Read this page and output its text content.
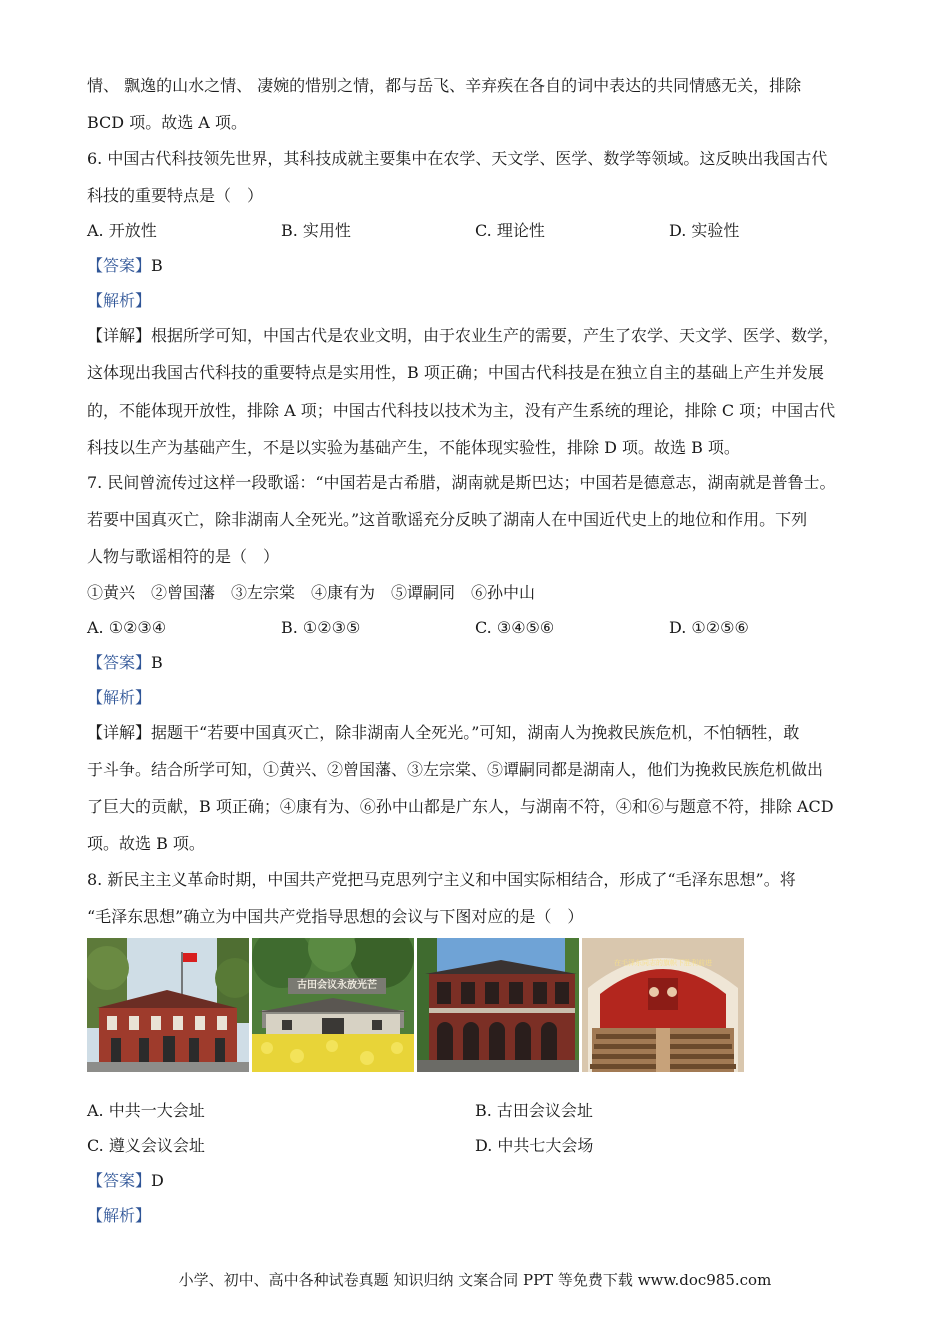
情、 飘逸的山水之情、 凄婉的惜别之情，都与岳飞、辛弃疾在各自的词中表达的共同情感无关，排除
BCD 项。故选 A 项。
6. 中国古代科技领先世界，其科技成就主要集中在农学、天文学、医学、数学等领域。这反映出我国古代
科技的重要特点是（　）
A. 开放性	B. 实用性	C. 理论性	D. 实验性
【答案】B
【解析】
【详解】根据所学可知，中国古代是农业文明，由于农业生产的需要，产生了农学、天文学、医学、数学，
这体现出我国古代科技的重要特点是实用性，B 项正确；中国古代科技是在独立自主的基础上产生并发展
的，不能体现开放性，排除 A 项；中国古代科技以技术为主，没有产生系统的理论，排除 C 项；中国古代
科技以生产为基础产生，不是以实验为基础产生，不能体现实验性，排除 D 项。故选 B 项。
7. 民间曾流传过这样一段歌谣：“中国若是古希腊，湖南就是斯巴达；中国若是德意志，湖南就是普鲁士。
若要中国真灭亡，除非湖南人全死光。”这首歌谣充分反映了湖南人在中国近代史上的地位和作用。下列
人物与歌谣相符的是（　）
①黄兴　②曾国藩　③左宗棠　④康有为　⑤谭嗣同　⑥孙中山
A. ①②③④	B. ①②③⑤	C. ③④⑤⑥	D. ①②⑤⑥
【答案】B
【解析】
【详解】据题干“若要中国真灭亡，除非湖南人全死光。”可知，湖南人为挽救民族危机，不怕牺牲，敢
于斗争。结合所学可知，①黄兴、②曾国藩、③左宗棠、⑤谭嗣同都是湖南人，他们为挽救民族危机做出
了巨大的贡献，B 项正确；④康有为、⑥孙中山都是广东人，与湖南不符，④和⑥与题意不符，排除 ACD
项。故选 B 项。
8. 新民主主义革命时期，中国共产党把马克思列宁主义和中国实际相结合，形成了“毛泽东思想”。将
“毛泽东思想”确立为中国共产党指导思想的会议与下图对应的是（　）
古田会议永放光芒
在毛泽东同志的旗帜下胜利前进
A. 中共一大会址	B. 古田会议会址
C. 遵义会议会址	D. 中共七大会场
【答案】D
【解析】
小学、初中、高中各种试卷真题 知识归纳 文案合同 PPT 等免费下载 www.doc985.com
